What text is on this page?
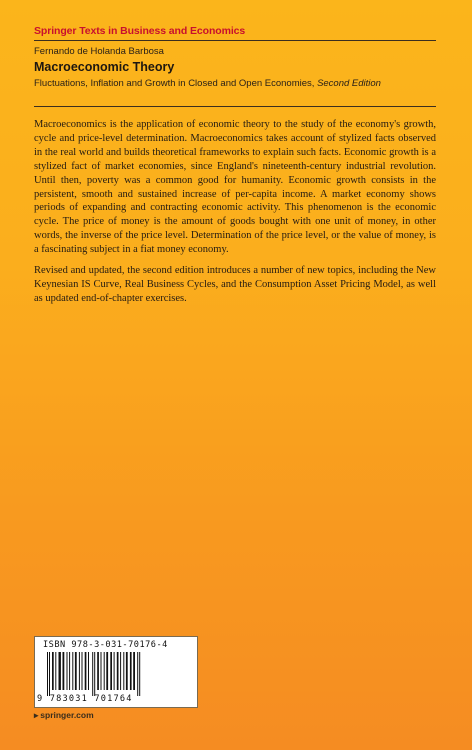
Springer Texts in Business and Economics
Fernando de Holanda Barbosa
Macroeconomic Theory
Fluctuations, Inflation and Growth in Closed and Open Economies, Second Edition

Macroeconomics is the application of economic theory to the study of the economy's growth, cycle and price-level determination. Macroeconomics takes account of stylized facts observed in the real world and builds theoretical frameworks to explain such facts. Economic growth is a stylized fact of market economies, since England's nineteenth-century industrial revolution. Until then, poverty was a common good for humanity. Economic growth consists in the persistent, smooth and sustained increase of per-capita income. A market economy shows periods of expanding and contracting economic activity. This phenomenon is the economic cycle. The price of money is the amount of goods bought with one unit of money, in other words, the inverse of the price level. Determination of the price level, or the value of money, is a fascinating subject in a fiat money economy.

Revised and updated, the second edition introduces a number of new topics, including the New Keynesian IS Curve, Real Business Cycles, and the Consumption Asset Pricing Model, as well as updated end-of-chapter exercises.

ISBN 978-3-031-70176-4
9 783031 701764
▸ springer.com
